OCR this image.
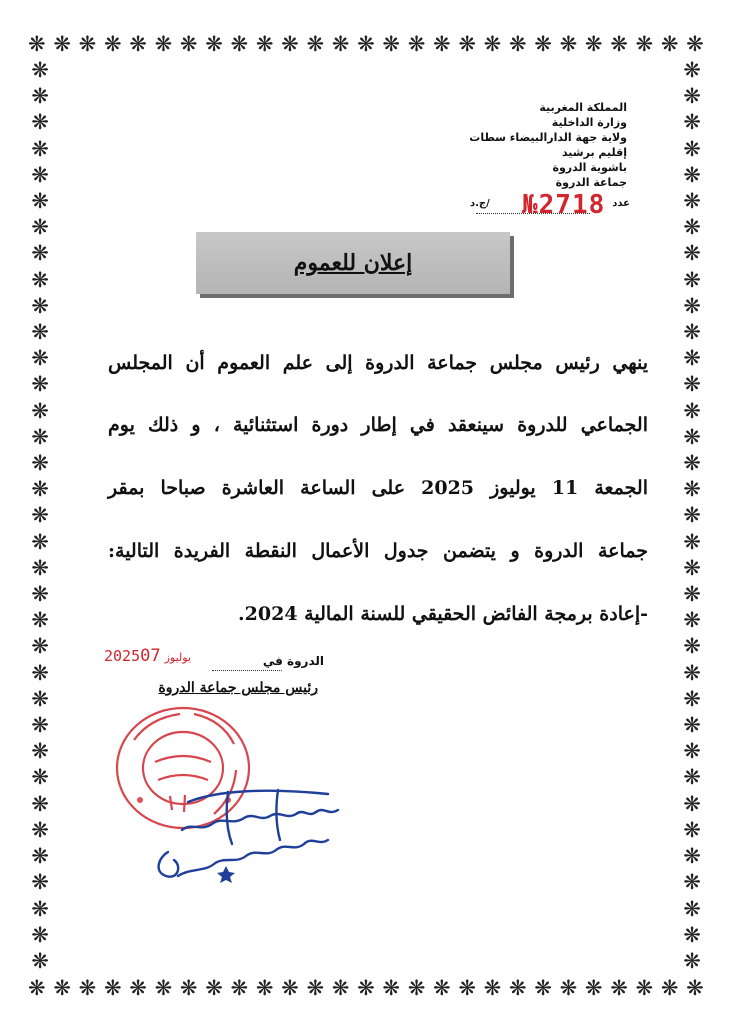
❋ ❋ ❋ ❋ ❋ ❋ ❋ ❋ ❋ ❋ ❋ ❋ ❋ ❋ ❋ ❋ ❋ ❋ ❋ ❋ ❋ ❋ ❋ ❋ ❋ ❋ ❋
❋ ❋ ❋ ❋ ❋ ❋ ❋ ❋ ❋ ❋ ❋ ❋ ❋ ❋ ❋ ❋ ❋ ❋ ❋ ❋ ❋ ❋ ❋ ❋ ❋ ❋ ❋
❋
❋
❋
❋
❋
❋
❋
❋
❋
❋
❋
❋
❋
❋
❋
❋
❋
❋
❋
❋
❋
❋
❋
❋
❋
❋
❋
❋
❋
❋
❋
❋
❋
❋
❋
❋
❋
❋
❋
❋
❋
❋
❋
❋
❋
❋
❋
❋
❋
❋
❋
❋
❋
❋
❋
❋
❋
❋
❋
❋
❋
❋
❋
❋
❋
❋
❋
❋
❋
❋
المملكة المغربية
وزارة الداخلية
ولاية جهة الدارالبيضاء سطات
إقليم برشيد
باشوية الدروة
جماعة الدروة
عدد
№2718
/ج.د
إعلان للعموم
ينهي رئيس مجلس جماعة الدروة إلى علم العموم أن المجلس
الجماعي للدروة سينعقد في إطار دورة استثنائية ، و ذلك يوم
الجمعة 11 يوليوز 2025 على الساعة العاشرة صباحا بمقر
جماعة الدروة و يتضمن جدول الأعمال النقطة الفريدة التالية:
-إعادة برمجة الفائض الحقيقي للسنة المالية 2024.
الدروة في
2025 يوليوز07
رئيس مجلس جماعة الدروة
